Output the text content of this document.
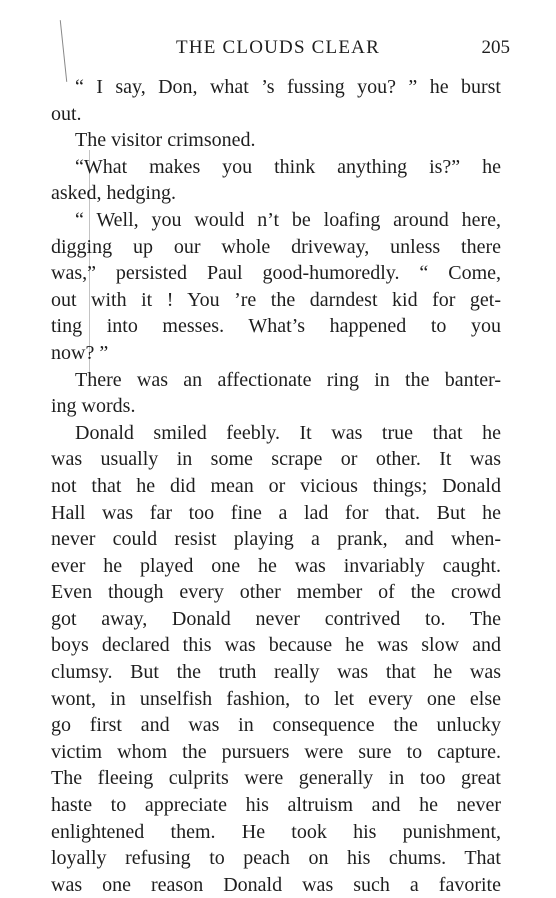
THE CLOUDS CLEAR	205
“ I say, Don, what ’s fussing you? ” he burst
out.
The visitor crimsoned.
“What makes you think anything is?” he
asked, hedging.
“ Well, you would n’t be loafing around here,
digging up our whole driveway, unless there
was,” persisted Paul good-humoredly. “ Come,
out with it ! You ’re the darndest kid for get-
ting into messes. What’s happened to you
now? ”
There was an affectionate ring in the banter-
ing words.
Donald smiled feebly. It was true that he
was usually in some scrape or other. It was
not that he did mean or vicious things; Donald
Hall was far too fine a lad for that. But he
never could resist playing a prank, and when-
ever he played one he was invariably caught.
Even though every other member of the crowd
got away, Donald never contrived to. The
boys declared this was because he was slow and
clumsy. But the truth really was that he was
wont, in unselfish fashion, to let every one else
go first and was in consequence the unlucky
victim whom the pursuers were sure to capture.
The fleeing culprits were generally in too great
haste to appreciate his altruism and he never
enlightened them. He took his punishment,
loyally refusing to peach on his chums. That
was one reason Donald was such a favorite
